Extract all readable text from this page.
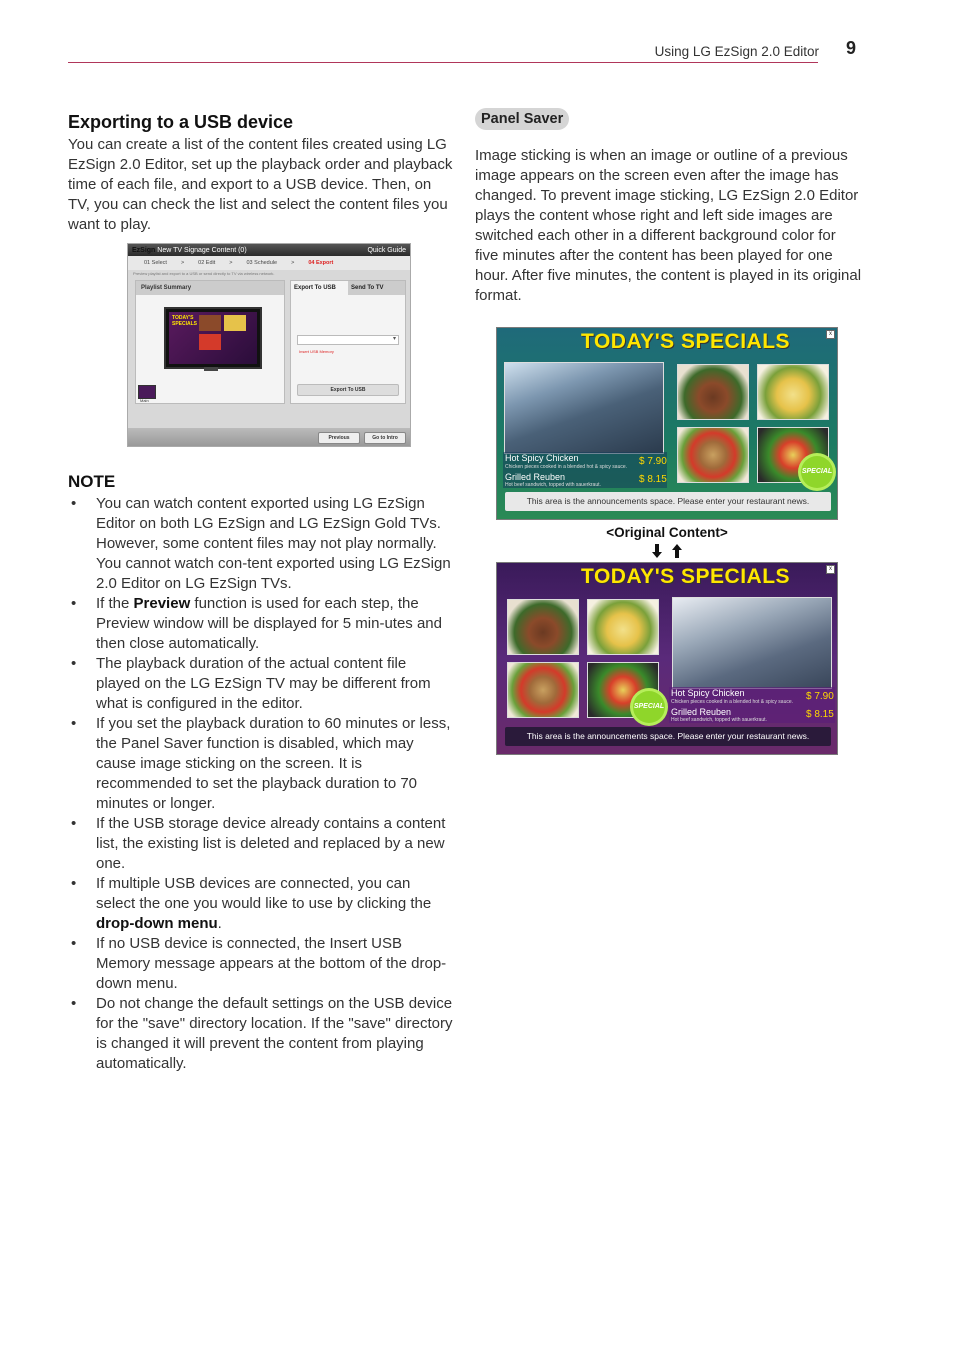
Using LG EzSign 2.0 Editor 9
Exporting to a USB device

You can create a list of the content files created using LG EzSign 2.0 Editor, set up the playback order and playback time of each file, and export to a USB device. Then, on TV, you can check the list and select the content files you want to play.

EzSign New TV Signage Content (0)	Quick Guide
01 Select	>	02 Edit	>	03 Schedule	>	04 Export
Preview playlist and export to a USB or send directly to TV via wireless network.
Playlist Summary
TODAY'S SPECIALS
Main
Export To USB	Send To TV
▾
Insert USB Memory
Export To USB
Previous	Go to Intro
NOTE
• You can watch content exported using LG EzSign Editor on both LG EzSign and LG EzSign Gold TVs. However, some content files may not play normally. You cannot watch con-tent exported using LG EzSign 2.0 Editor on LG EzSign TVs.
• If the Preview function is used for each step, the Preview window will be displayed for 5 min-utes and then close automatically.
• The playback duration of the actual content file played on the LG EzSign TV may be different from what is configured in the editor.
• If you set the playback duration to 60 minutes or less, the Panel Saver function is disabled, which may cause image sticking on the screen. It is recommended to set the playback duration to 70 minutes or longer.
• If the USB storage device already contains a content list, the existing list is deleted and replaced by a new one.
• If multiple USB devices are connected, you can select the one you would like to use by clicking the drop-down menu.
• If no USB device is connected, the Insert USB Memory message appears at the bottom of the drop-down menu.
• Do not change the default settings on the USB device for the "save" directory location. If the "save" directory is changed it will prevent the content from playing automatically.
Panel Saver

Image sticking is when an image or outline of a previous image appears on the screen even after the image has changed. To prevent image sticking, LG EzSign 2.0 Editor plays the content whose right and left side images are switched each other in a different background color for five minutes after the content has been played for one hour. After five minutes, the content is played in its original format.

TODAY'S SPECIALS	x
Hot Spicy Chicken
Chicken pieces cooked in a blended hot & spicy sauce. $ 7.90
Grilled Reuben
Hot beef sandwich, topped with sauerkraut.	$ 8.15
SPECIAL
This area is the announcements space. Please enter your restaurant news.
<Original Content>
TODAY'S SPECIALS	x
Hot Spicy Chicken
Chicken pieces cooked in a blended hot & spicy sauce. $ 7.90
Grilled Reuben
Hot beef sandwich, topped with sauerkraut.	$ 8.15
SPECIAL
This area is the announcements space. Please enter your restaurant news.
